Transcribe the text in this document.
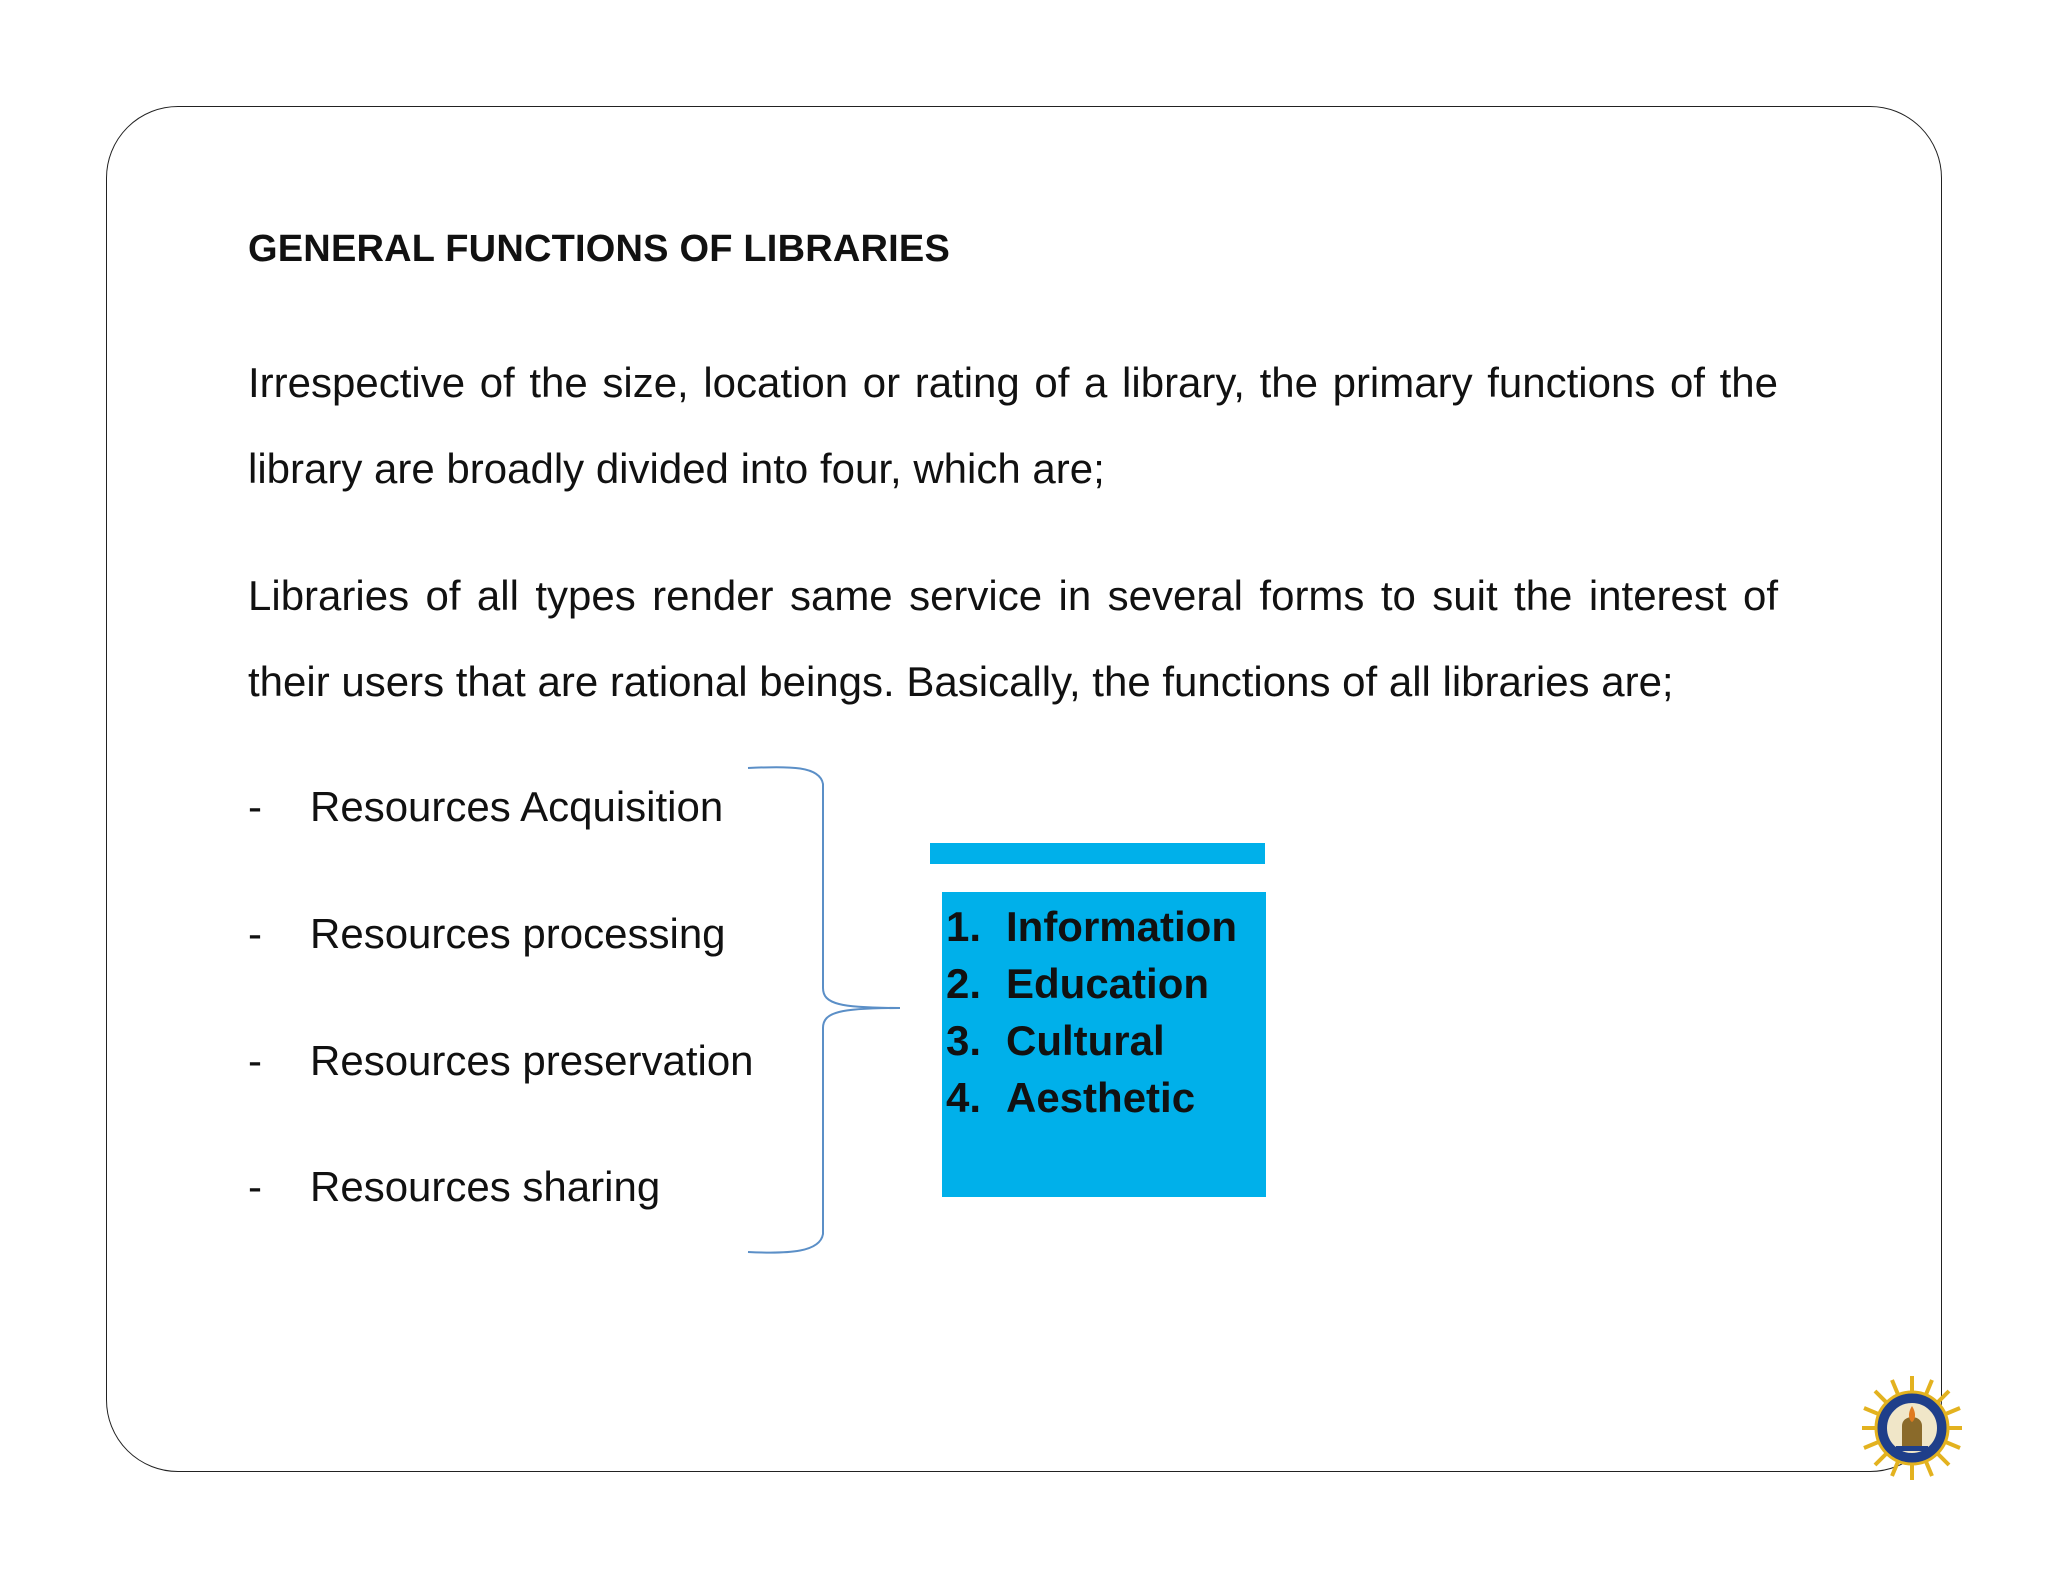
GENERAL FUNCTIONS OF LIBRARIES
Irrespective of the size, location or rating of a library, the primary functions of the library are broadly divided into four, which are;
Libraries of all types render same service in several forms to suit the interest of their users that are rational beings. Basically, the functions of all libraries are;
- Resources Acquisition
- Resources processing
- Resources preservation
- Resources sharing
1. Information
2. Education
3. Cultural
4. Aesthetic
